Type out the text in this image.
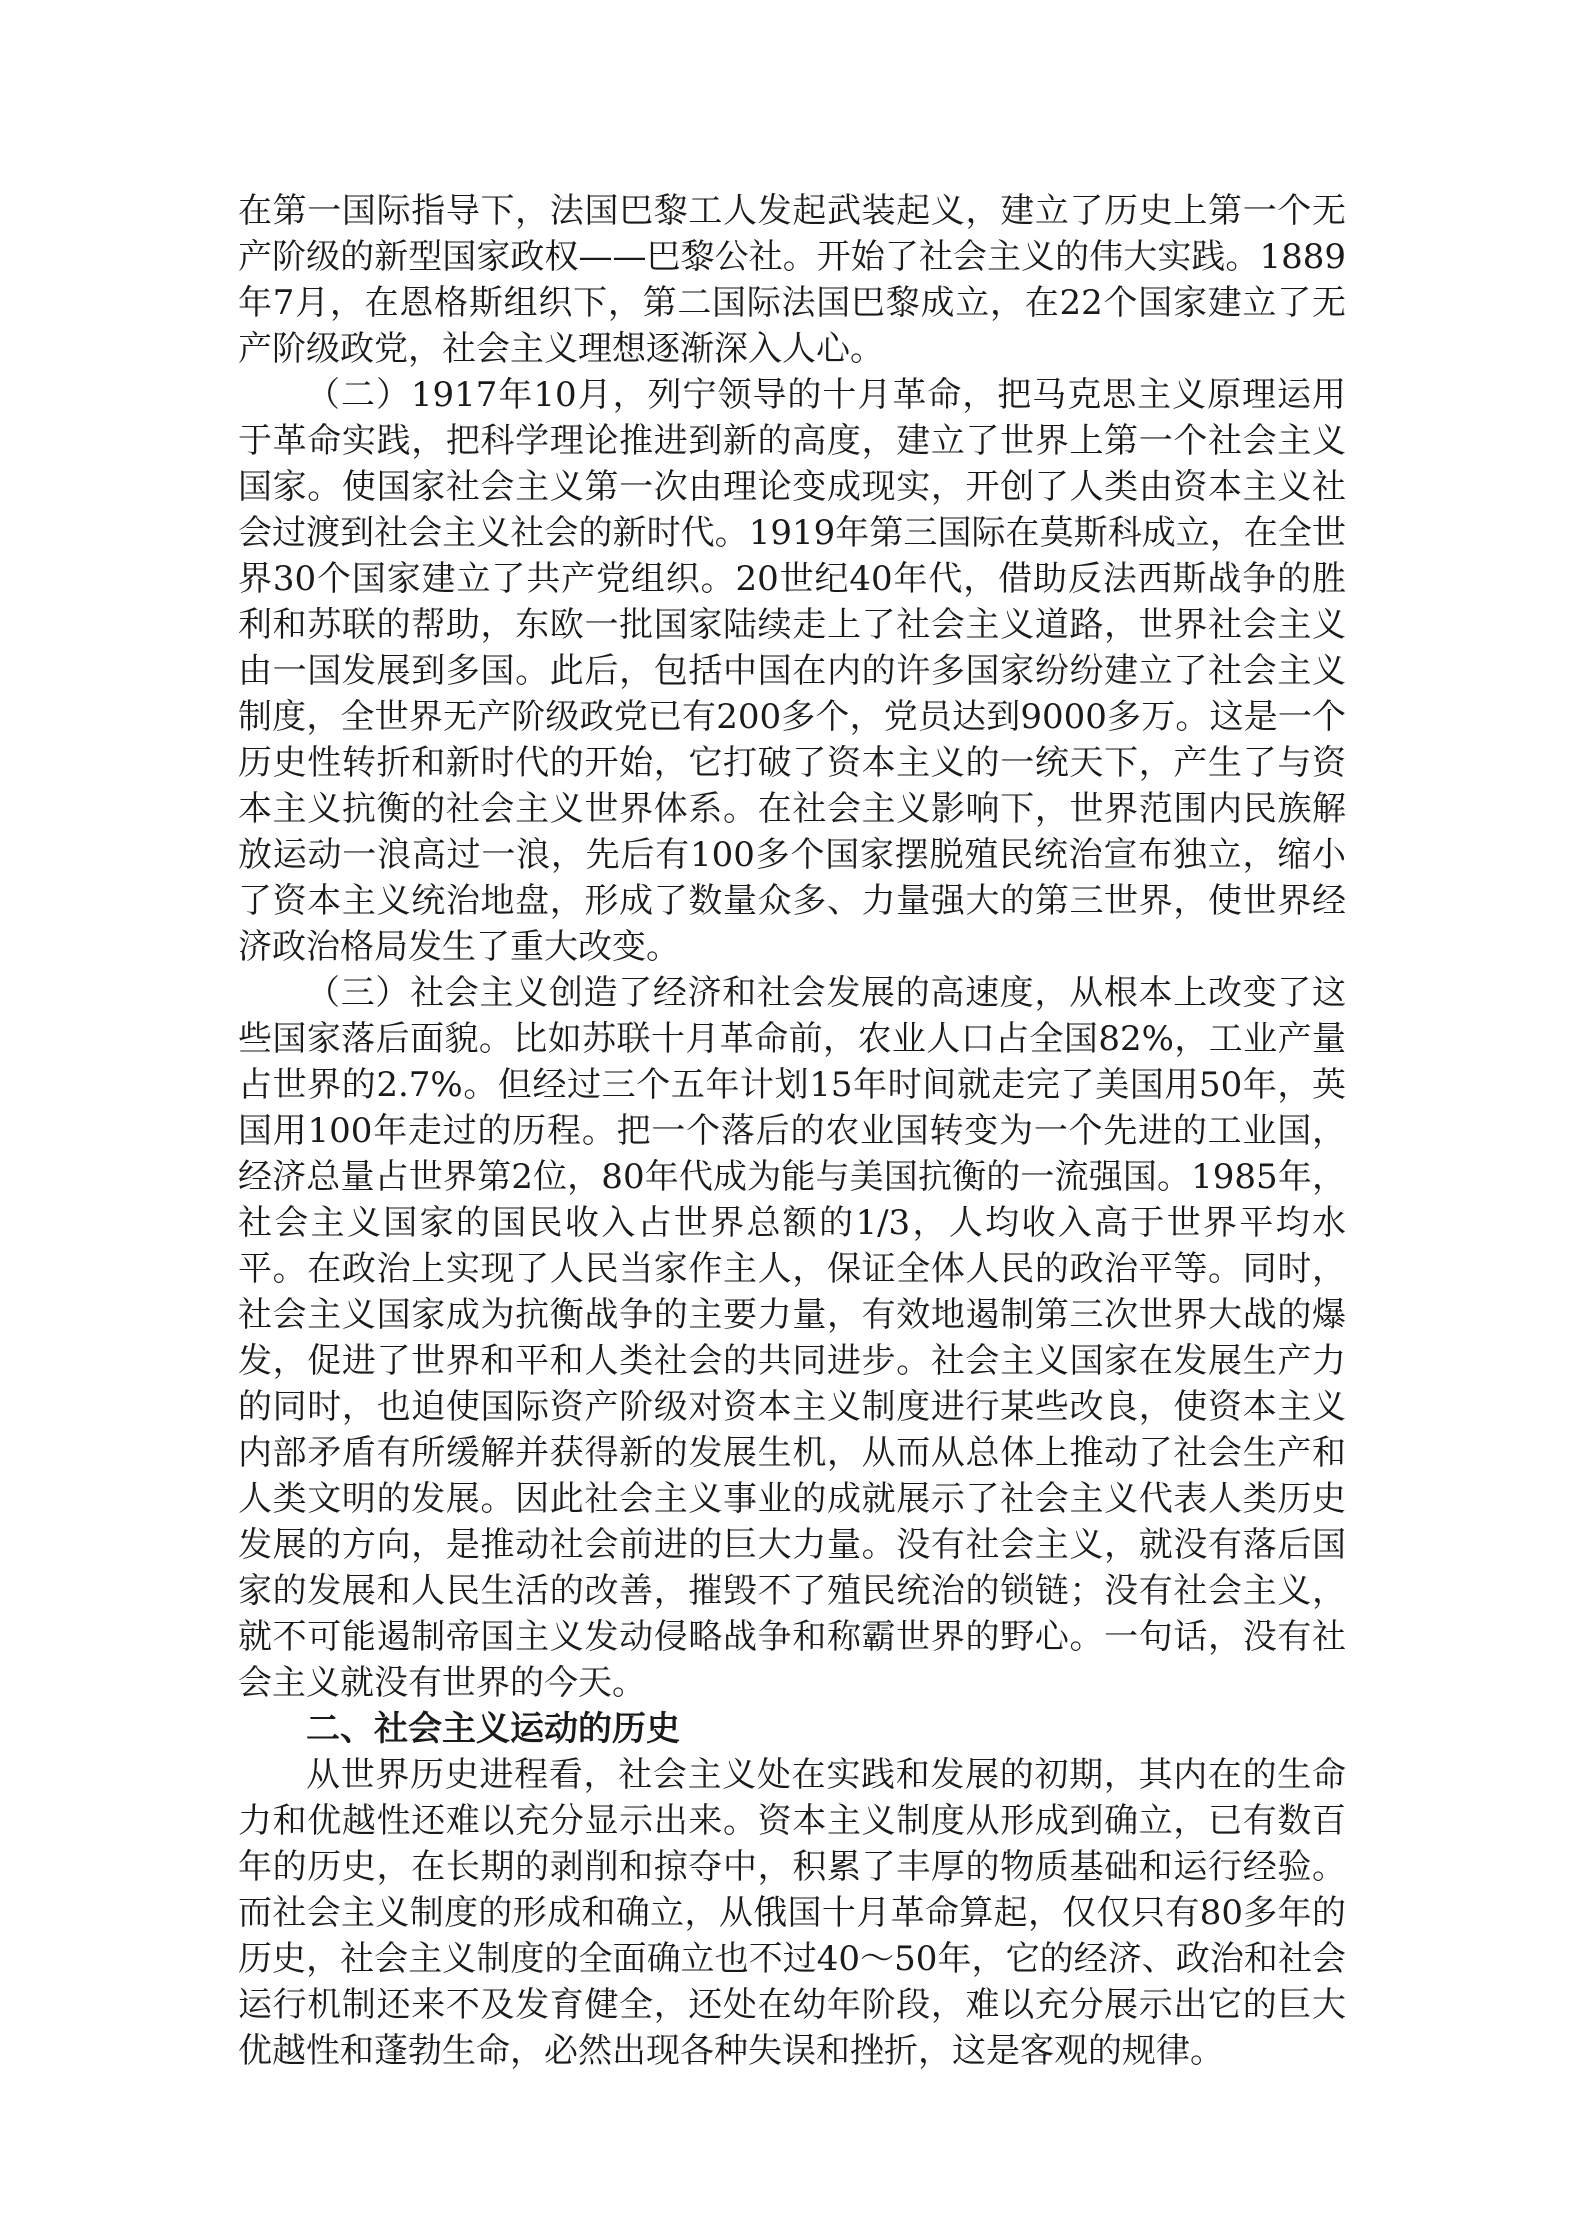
在第一国际指导下，法国巴黎工人发起武装起义，建立了历史上第一个无产阶级的新型国家政权——巴黎公社。开始了社会主义的伟大实践。1889年7月，在恩格斯组织下，第二国际法国巴黎成立，在22个国家建立了无产阶级政党，社会主义理想逐渐深入人心。

（二）1917年10月，列宁领导的十月革命，把马克思主义原理运用于革命实践，把科学理论推进到新的高度，建立了世界上第一个社会主义国家。使国家社会主义第一次由理论变成现实，开创了人类由资本主义社会过渡到社会主义社会的新时代。1919年第三国际在莫斯科成立，在全世界30个国家建立了共产党组织。20世纪40年代，借助反法西斯战争的胜利和苏联的帮助，东欧一批国家陆续走上了社会主义道路，世界社会主义由一国发展到多国。此后，包括中国在内的许多国家纷纷建立了社会主义制度，全世界无产阶级政党已有200多个，党员达到9000多万。这是一个历史性转折和新时代的开始，它打破了资本主义的一统天下，产生了与资本主义抗衡的社会主义世界体系。在社会主义影响下，世界范围内民族解放运动一浪高过一浪，先后有100多个国家摆脱殖民统治宣布独立，缩小了资本主义统治地盘，形成了数量众多、力量强大的第三世界，使世界经济政治格局发生了重大改变。

（三）社会主义创造了经济和社会发展的高速度，从根本上改变了这些国家落后面貌。比如苏联十月革命前，农业人口占全国82%，工业产量占世界的2.7%。但经过三个五年计划15年时间就走完了美国用50年，英国用100年走过的历程。把一个落后的农业国转变为一个先进的工业国，经济总量占世界第2位，80年代成为能与美国抗衡的一流强国。1985年，社会主义国家的国民收入占世界总额的1/3，人均收入高于世界平均水平。在政治上实现了人民当家作主人，保证全体人民的政治平等。同时，社会主义国家成为抗衡战争的主要力量，有效地遏制第三次世界大战的爆发，促进了世界和平和人类社会的共同进步。社会主义国家在发展生产力的同时，也迫使国际资产阶级对资本主义制度进行某些改良，使资本主义内部矛盾有所缓解并获得新的发展生机，从而从总体上推动了社会生产和人类文明的发展。因此社会主义事业的成就展示了社会主义代表人类历史发展的方向，是推动社会前进的巨大力量。没有社会主义，就没有落后国家的发展和人民生活的改善，摧毁不了殖民统治的锁链；没有社会主义，就不可能遏制帝国主义发动侵略战争和称霸世界的野心。一句话，没有社会主义就没有世界的今天。

二、社会主义运动的历史

从世界历史进程看，社会主义处在实践和发展的初期，其内在的生命力和优越性还难以充分显示出来。资本主义制度从形成到确立，已有数百年的历史，在长期的剥削和掠夺中，积累了丰厚的物质基础和运行经验。而社会主义制度的形成和确立，从俄国十月革命算起，仅仅只有80多年的历史，社会主义制度的全面确立也不过40～50年，它的经济、政治和社会运行机制还来不及发育健全，还处在幼年阶段，难以充分展示出它的巨大优越性和蓬勃生命，必然出现各种失误和挫折，这是客观的规律。
